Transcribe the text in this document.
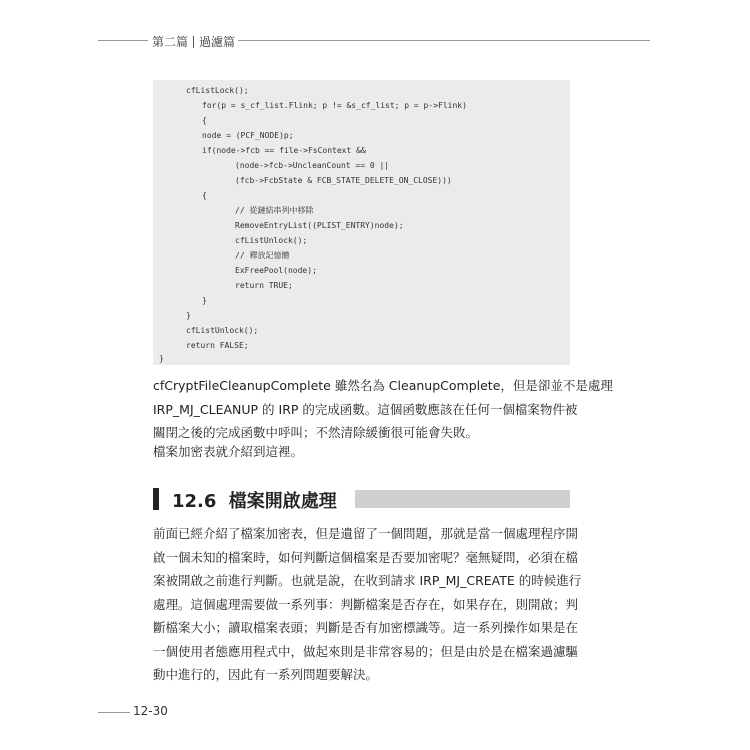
第二篇 過濾篇
cfListLock();
for(p = s_cf_list.Flink; p != &s_cf_list; p = p->Flink)
{
node = (PCF_NODE)p;
if(node->fcb == file->FsContext &&
(node->fcb->UncleanCount == 0 ||
(fcb->FcbState & FCB_STATE_DELETE_ON_CLOSE)))
{
// 從鏈結串列中移除
RemoveEntryList((PLIST_ENTRY)node);
cfListUnlock();
// 釋放記憶體
ExFreePool(node);
return TRUE;
}
}
cfListUnlock();
return FALSE;
}

cfCryptFileCleanupComplete 雖然名為 CleanupComplete，但是卻並不是處理
IRP_MJ_CLEANUP 的 IRP 的完成函數。這個函數應該在任何一個檔案物件被
關閉之後的完成函數中呼叫；不然清除緩衝很可能會失敗。

檔案加密表就介紹到這裡。

12.6 檔案開啟處理

前面已經介紹了檔案加密表，但是遺留了一個問題，那就是當一個處理程序開
啟一個未知的檔案時，如何判斷這個檔案是否要加密呢？毫無疑問，必須在檔
案被開啟之前進行判斷。也就是說，在收到請求 IRP_MJ_CREATE 的時候進行
處理。這個處理需要做一系列事：判斷檔案是否存在，如果存在，則開啟；判
斷檔案大小；讀取檔案表頭；判斷是否有加密標識等。這一系列操作如果是在
一個使用者態應用程式中，做起來則是非常容易的；但是由於是在檔案過濾驅
動中進行的，因此有一系列問題要解決。

12-30
